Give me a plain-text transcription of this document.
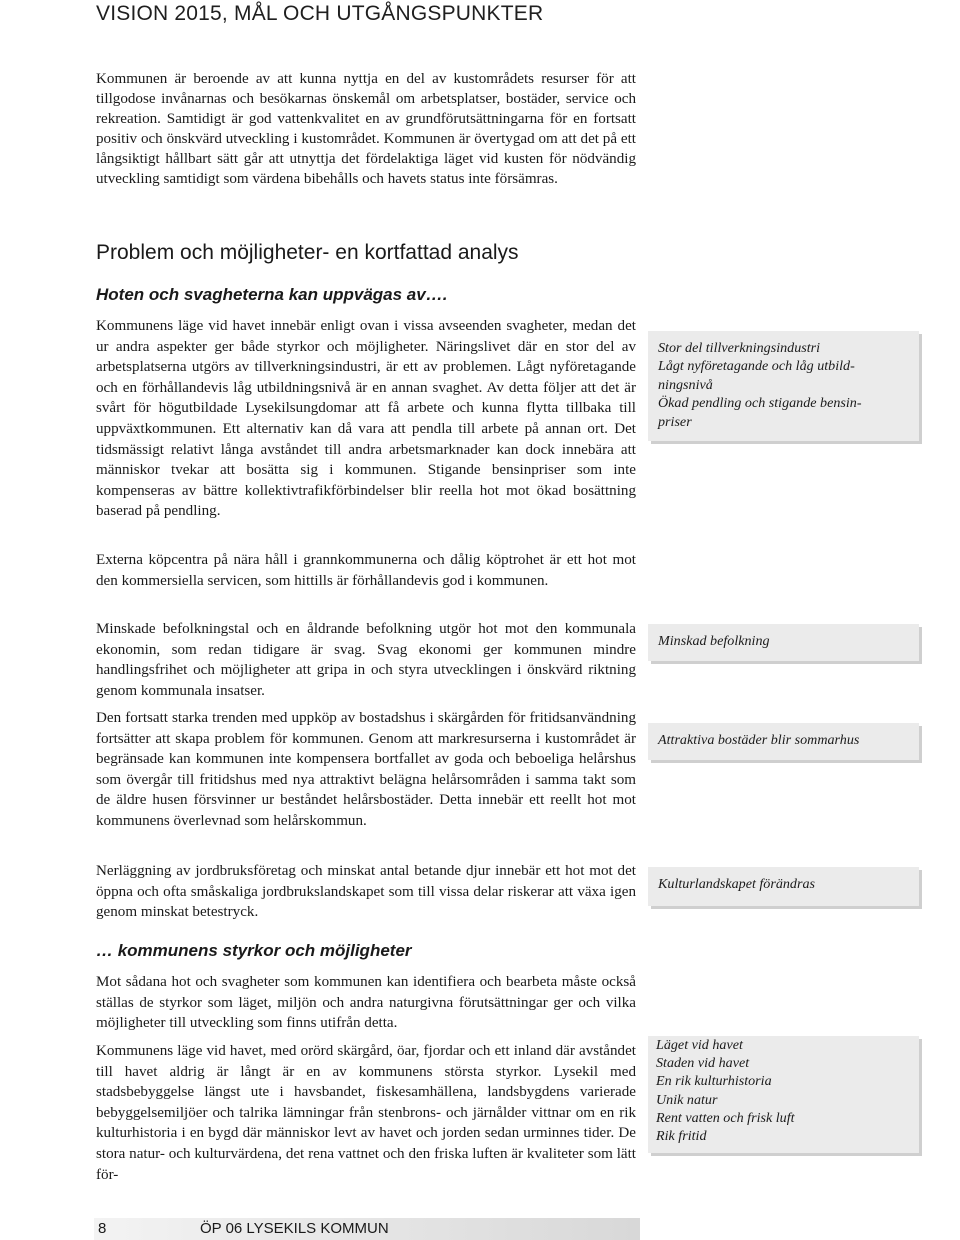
VISION 2015, MÅL OCH UTGÅNGSPUNKTER

Kommunen är beroende av att kunna nyttja en del av kustområdets resurser för att tillgodose invånarnas och besökarnas önskemål om arbetsplatser, bostäder, service och rekreation. Samtidigt är god vattenkvalitet en av grundförutsättningarna för en fortsatt positiv och önskvärd utveckling i kustområdet. Kommunen är övertygad om att det på ett långsiktigt hållbart sätt går att utnyttja det fördelaktiga läget vid kusten för nödvändig utveckling samtidigt som värdena bibehålls och havets status inte försämras.

Problem och möjligheter- en kortfattad analys
Hoten och svagheterna kan uppvägas av….

Kommunens läge vid havet innebär enligt ovan i vissa avseenden svagheter, medan det ur andra aspekter ger både styrkor och möjligheter. Näringslivet där en stor del av arbetsplatserna utgörs av tillverkningsindustri, är ett av problemen. Lågt nyföretagande och en förhållandevis låg utbildningsnivå är en annan svaghet. Av detta följer att det är svårt för högutbildade Lysekilsungdomar att få arbete och kunna flytta tillbaka till uppväxtkommunen. Ett alternativ kan då vara att pendla till arbete på annan ort. Det tidsmässigt relativt långa avståndet till andra arbetsmarknader kan dock innebära att människor tvekar att bosätta sig i kommunen. Stigande bensinpriser som inte kompenseras av bättre kollektivtrafikförbindelser blir reella hot mot ökad bosättning baserad på pendling.

Externa köpcentra på nära håll i grannkommunerna och dålig köptrohet är ett hot mot den kommersiella servicen, som hittills är förhållandevis god i kommunen.

Minskade befolkningstal och en åldrande befolkning utgör hot mot den kommunala ekonomin, som redan tidigare är svag. Svag ekonomi ger kommunen mindre handlingsfrihet och möjligheter att gripa in och styra utvecklingen i önskvärd riktning genom kommunala insatser.

Den fortsatt starka trenden med uppköp av bostadshus i skärgården för fritidsanvändning fortsätter att skapa problem för kommunen. Genom att markresurserna i kustområdet är begränsade kan kommunen inte kompensera bortfallet av goda och beboeliga helårshus som övergår till fritidshus med nya attraktivt belägna helårsområden i samma takt som de äldre husen försvinner ur beståndet helårsbostäder. Detta innebär ett reellt hot mot kommunens överlevnad som helårskommun.

Nerläggning av jordbruksföretag och minskat antal betande djur innebär ett hot mot det öppna och ofta småskaliga jordbrukslandskapet som till vissa delar riskerar att växa igen genom minskat betestryck.

… kommunens styrkor och möjligheter

Mot sådana hot och svagheter som kommunen kan identifiera och bearbeta måste också ställas de styrkor som läget, miljön och andra naturgivna förutsättningar ger och vilka möjligheter till utveckling som finns utifrån detta.

Kommunens läge vid havet, med orörd skärgård, öar, fjordar och ett inland där avståndet till havet aldrig är långt är en av kommunens största styrkor. Lysekil med stadsbebyggelse längst ute i havsbandet, fiskesamhällena, landsbygdens varierade bebyggelsemiljöer och talrika lämningar från stenbrons- och järnålder vittnar om en rik kulturhistoria i en bygd där människor levt av havet och jorden sedan urminnes tider. De stora natur- och kulturvärdena, det rena vattnet och den friska luften är kvaliteter som lätt för-

Stor del tillverkningsindustri
Lågt nyföretagande och låg utbild-
ningsnivå
Ökad pendling och stigande bensin-
priser
Minskad befolkning
Attraktiva bostäder blir sommarhus
Kulturlandskapet förändras
Läget vid havet
Staden vid havet
En rik kulturhistoria
Unik natur
Rent vatten och frisk luft
Rik fritid
8	ÖP 06 LYSEKILS KOMMUN
